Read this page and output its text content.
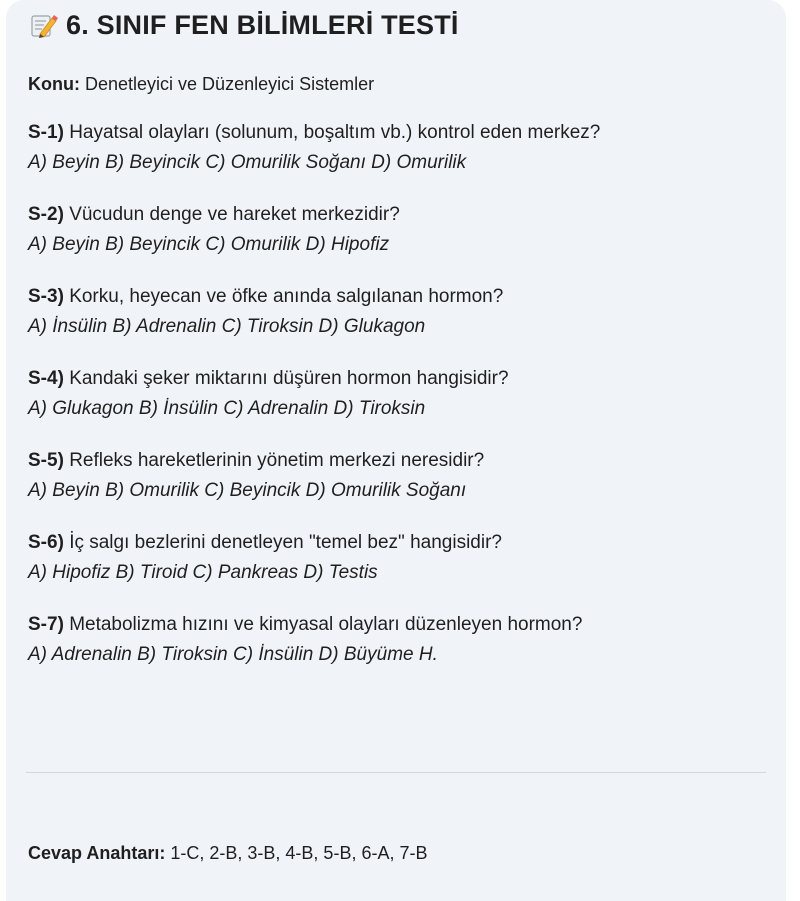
6. SINIF FEN BİLİMLERİ TESTİ
Konu: Denetleyici ve Düzenleyici Sistemler
S-1) Hayatsal olayları (solunum, boşaltım vb.) kontrol eden merkez?
A) Beyin B) Beyincik C) Omurilik Soğanı D) Omurilik
S-2) Vücudun denge ve hareket merkezidir?
A) Beyin B) Beyincik C) Omurilik D) Hipofiz
S-3) Korku, heyecan ve öfke anında salgılanan hormon?
A) İnsülin B) Adrenalin C) Tiroksin D) Glukagon
S-4) Kandaki şeker miktarını düşüren hormon hangisidir?
A) Glukagon B) İnsülin C) Adrenalin D) Tiroksin
S-5) Refleks hareketlerinin yönetim merkezi neresidir?
A) Beyin B) Omurilik C) Beyincik D) Omurilik Soğanı
S-6) İç salgı bezlerini denetleyen "temel bez" hangisidir?
A) Hipofiz B) Tiroid C) Pankreas D) Testis
S-7) Metabolizma hızını ve kimyasal olayları düzenleyen hormon?
A) Adrenalin B) Tiroksin C) İnsülin D) Büyüme H.
Cevap Anahtarı: 1-C, 2-B, 3-B, 4-B, 5-B, 6-A, 7-B
